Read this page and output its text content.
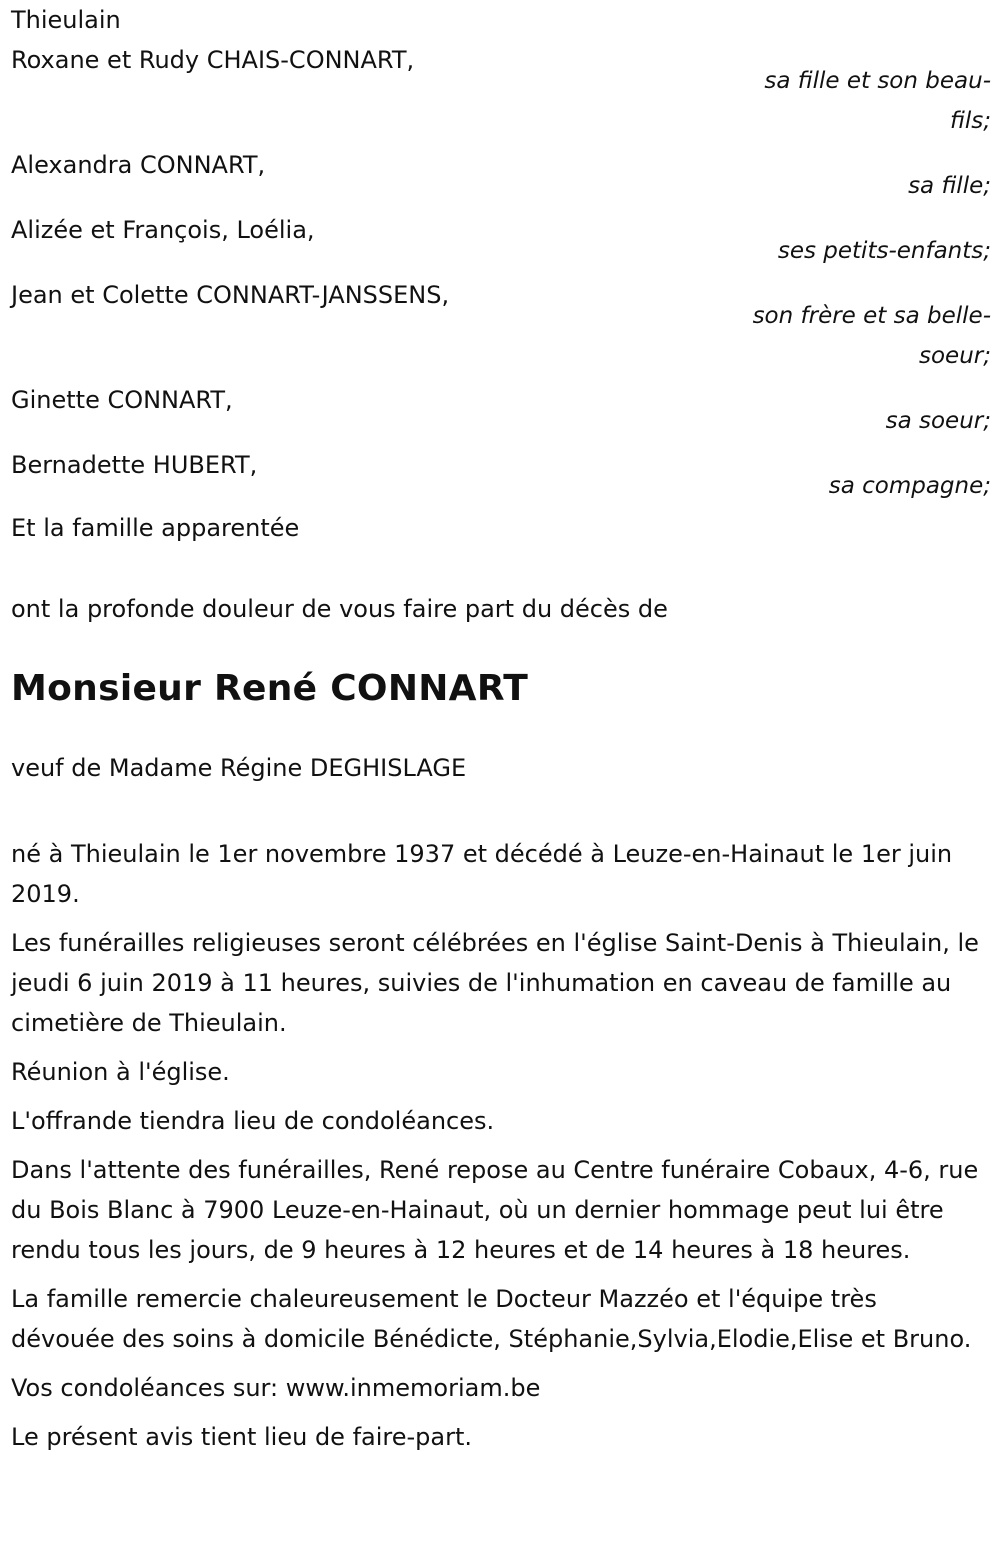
Thieulain
Roxane et Rudy CHAIS-CONNART,
sa fille et son beau-fils;
Alexandra CONNART,
sa fille;
Alizée et François, Loélia,
ses petits-enfants;
Jean et Colette CONNART-JANSSENS,
son frère et sa belle-soeur;
Ginette CONNART,
sa soeur;
Bernadette HUBERT,
sa compagne;
Et la famille apparentée
ont la profonde douleur de vous faire part du décès de
Monsieur René CONNART
veuf de Madame Régine DEGHISLAGE
né à Thieulain le 1er novembre 1937 et décédé à Leuze-en-Hainaut le 1er juin 2019.
Les funérailles religieuses seront célébrées en l'église Saint-Denis à Thieulain, le jeudi 6 juin 2019 à 11 heures, suivies de l'inhumation en caveau de famille au cimetière de Thieulain.
Réunion à l'église.
L'offrande tiendra lieu de condoléances.
Dans l'attente des funérailles, René repose au Centre funéraire Cobaux, 4-6, rue du Bois Blanc à 7900 Leuze-en-Hainaut, où un dernier hommage peut lui être rendu tous les jours, de 9 heures à 12 heures et de 14 heures à 18 heures.
La famille remercie chaleureusement le Docteur Mazzéo et l'équipe très dévouée des soins à domicile Bénédicte, Stéphanie,Sylvia,Elodie,Elise et Bruno.
Vos condoléances sur: www.inmemoriam.be
Le présent avis tient lieu de faire-part.
